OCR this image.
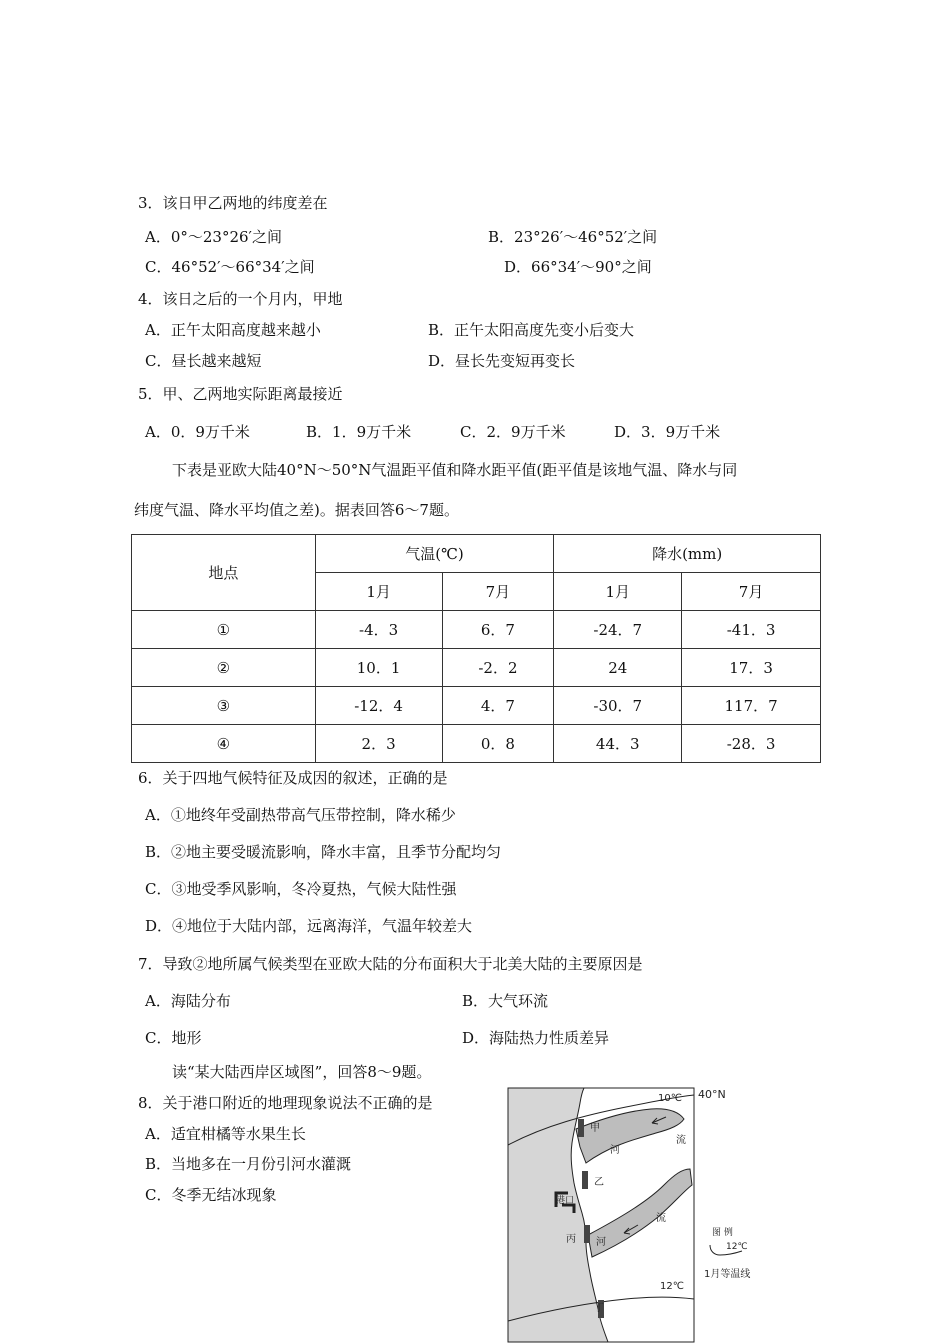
3．该日甲乙两地的纬度差在
A．0°～23°26′之间	B．23°26′～46°52′之间
C．46°52′～66°34′之间	D．66°34′～90°之间
4．该日之后的一个月内，甲地
A．正午太阳高度越来越小	B．正午太阳高度先变小后变大
C．昼长越来越短	D．昼长先变短再变长
5．甲、乙两地实际距离最接近
A．0．9万千米	B．1．9万千米	C．2．9万千米	D．3．9万千米
下表是亚欧大陆40°N～50°N气温距平值和降水距平值(距平值是该地气温、降水与同
纬度气温、降水平均值之差)。据表回答6～7题。
地点	气温(℃)		降水(mm)	
	1月	7月	1月	7月
①	-4．3	6．7	-24．7	-41．3
②	10．1	-2．2	24	17．3
③	-12．4	4．7	-30．7	117．7
④	2．3	0．8	44．3	-28．3
6．关于四地气候特征及成因的叙述，正确的是
A．①地终年受副热带高气压带控制，降水稀少
B．②地主要受暖流影响，降水丰富，且季节分配均匀
C．③地受季风影响，冬冷夏热，气候大陆性强
D．④地位于大陆内部，远离海洋，气温年较差大
7．导致②地所属气候类型在亚欧大陆的分布面积大于北美大陆的主要原因是
A．海陆分布	B．大气环流
C．地形	D．海陆热力性质差异
读“某大陆西岸区域图”，回答8～9题。
8．关于港口附近的地理现象说法不正确的是
A．适宜柑橘等水果生长
B．当地多在一月份引河水灌溉
C．冬季无结冰现象
40°N
10℃
12℃
甲
乙
丙
丁
港口
河
流
河
流
图 例
12℃
1月等温线
